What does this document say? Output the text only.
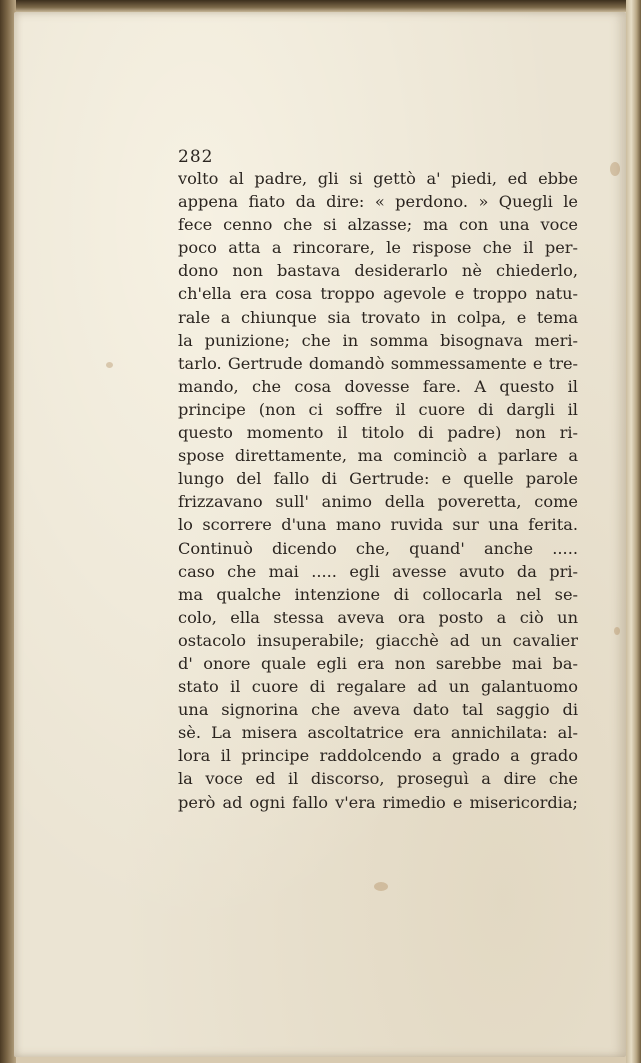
282
volto al padre, gli si gettò a' piedi, ed ebbe
appena fiato da dire: « perdono. » Quegli le
fece cenno che si alzasse; ma con una voce
poco atta a rincorare, le rispose che il per-
dono non bastava desiderarlo nè chiederlo,
ch'ella era cosa troppo agevole e troppo natu-
rale a chiunque sia trovato in colpa, e tema
la punizione; che in somma bisognava meri-
tarlo. Gertrude domandò sommessamente e tre-
mando, che cosa dovesse fare. A questo il
principe (non ci soffre il cuore di dargli il
questo momento il titolo di padre) non ri-
spose direttamente, ma cominciò a parlare a
lungo del fallo di Gertrude: e quelle parole
frizzavano sull' animo della poveretta, come
lo scorrere d'una mano ruvida sur una ferita.
Continuò dicendo che, quand' anche .....
caso che mai ..... egli avesse avuto da pri-
ma qualche intenzione di collocarla nel se-
colo, ella stessa aveva ora posto a ciò un
ostacolo insuperabile; giacchè ad un cavalier
d' onore quale egli era non sarebbe mai ba-
stato il cuore di regalare ad un galantuomo
una signorina che aveva dato tal saggio di
sè. La misera ascoltatrice era annichilata: al-
lora il principe raddolcendo a grado a grado
la voce ed il discorso, proseguì a dire che
però ad ogni fallo v'era rimedio e misericordia;
